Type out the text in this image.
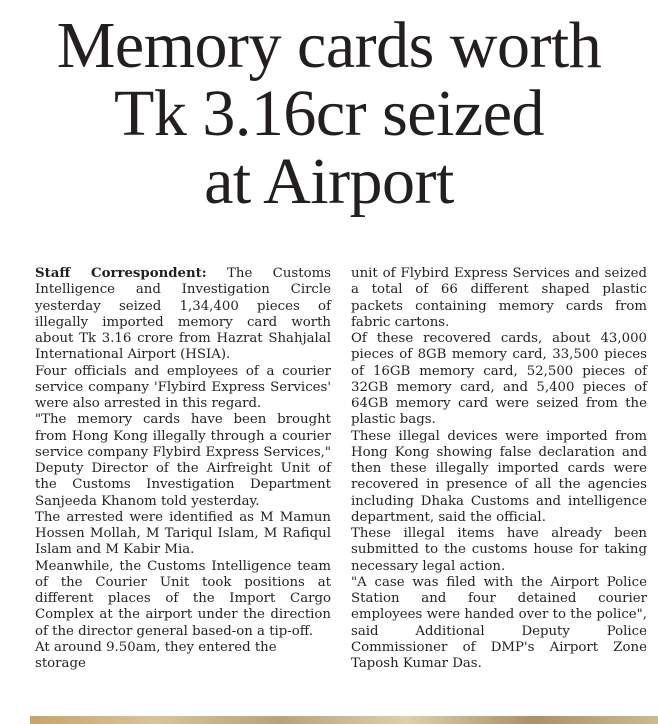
Memory cards worth
Tk 3.16cr seized
at Airport

Staff Correspondent: The Customs Intelligence and Investigation Circle yesterday seized 1,34,400 pieces of illegally imported memory card worth about Tk 3.16 crore from Hazrat Shahjalal International Airport (HSIA).

Four officials and employees of a courier service company 'Flybird Express Services' were also arrested in this regard.

"The memory cards have been brought from Hong Kong illegally through a courier service company Flybird Express Services," Deputy Director of the Airfreight Unit of the Customs Investigation Department Sanjeeda Khanom told yesterday.

The arrested were identified as M Mamun Hossen Mollah, M Tariqul Islam, M Rafiqul Islam and M Kabir Mia.

Meanwhile, the Customs Intelligence team of the Courier Unit took positions at different places of the Import Cargo Complex at the airport under the direction of the director general based-on a tip-off.

At around 9.50am, they entered the storage

unit of Flybird Express Services and seized a total of 66 different shaped plastic packets containing memory cards from fabric cartons.

Of these recovered cards, about 43,000 pieces of 8GB memory card, 33,500 pieces of 16GB memory card, 52,500 pieces of 32GB memory card, and 5,400 pieces of 64GB memory card were seized from the plastic bags.

These illegal devices were imported from Hong Kong showing false declaration and then these illegally imported cards were recovered in presence of all the agencies including Dhaka Customs and intelligence department, said the official.

These illegal items have already been submitted to the customs house for taking necessary legal action.

"A case was filed with the Airport Police Station and four detained courier employees were handed over to the police", said Additional Deputy Police Commissioner of DMP's Airport Zone Taposh Kumar Das.
